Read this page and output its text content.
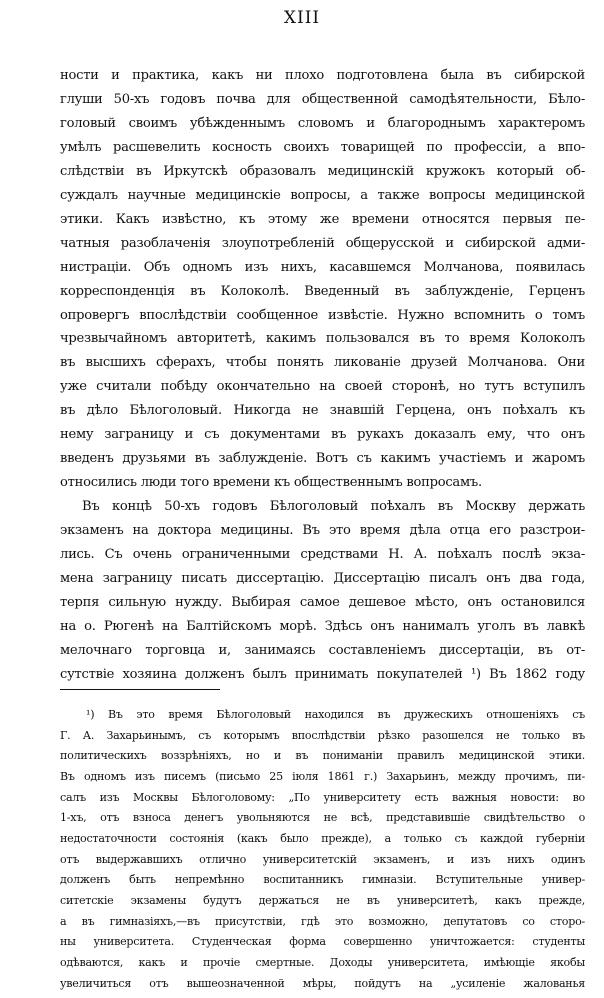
XIII
ности и практика, какъ ни плохо подготовлена была въ сибирской
глуши 50-хъ годовъ почва для общественной самодѣятельности, Бѣло-
головый своимъ убѣжденнымъ словомъ и благороднымъ характеромъ
умѣлъ расшевелить косность своихъ товарищей по профессіи, а впо-
слѣдствіи въ Иркутскѣ образовалъ медицинскій кружокъ который об-
суждалъ научные медицинскіе вопросы, а также вопросы медицинской
этики. Какъ извѣстно, къ этому же времени относятся первыя пе-
чатныя разоблаченія злоупотребленій общерусской и сибирской адми-
нистраціи. Объ одномъ изъ нихъ, касавшемся Молчанова, появилась
корреспонденція въ Колоколѣ. Введенный въ заблужденіе, Герценъ
опровергъ впослѣдствіи сообщенное извѣстіе. Нужно вспомнить о томъ
чрезвычайномъ авторитетѣ, какимъ пользовался въ то время Колоколъ
въ высшихъ сферахъ, чтобы понять ликованіе друзей Молчанова. Они
уже считали побѣду окончательно на своей сторонѣ, но тутъ вступилъ
въ дѣло Бѣлоголовый. Никогда не знавшій Герцена, онъ поѣхалъ къ
нему заграницу и съ документами въ рукахъ доказалъ ему, что онъ
введенъ друзьями въ заблужденіе. Вотъ съ какимъ участіемъ и жаромъ
относились люди того времени къ общественнымъ вопросамъ.
Въ концѣ 50-хъ годовъ Бѣлоголовый поѣхалъ въ Москву держать
экзаменъ на доктора медицины. Въ это время дѣла отца его разстрои-
лись. Съ очень ограниченными средствами Н. А. поѣхалъ послѣ экза-
мена заграницу писать диссертацію. Диссертацію писалъ онъ два года,
терпя сильную нужду. Выбирая самое дешевое мѣсто, онъ остановился
на о. Рюгенѣ на Балтійскомъ морѣ. Здѣсь онъ нанималъ уголъ въ лавкѣ
мелочнаго торговца и, занимаясь составленіемъ диссертаціи, въ от-
сутствіе хозяина долженъ былъ принимать покупателей ¹) Въ 1862 году
¹) Въ это время Бѣлоголовый находился въ дружескихъ отношеніяхъ съ
Г. А. Захарьинымъ, съ которымъ впослѣдствіи рѣзко разошелся не только въ
политическихъ воззрѣніяхъ, но и въ пониманіи правилъ медицинской этики.
Въ одномъ изъ писемъ (письмо 25 іюля 1861 г.) Захарьинъ, между прочимъ, пи-
салъ изъ Москвы Бѣлоголовому: „По университету есть важныя новости: во
1-хъ, отъ взноса денегъ увольняются не всѣ, представившіе свидѣтельство о
недостаточности состоянія (какъ было прежде), а только съ каждой губерніи
отъ выдержавшихъ отлично университетскій экзаменъ, и изъ нихъ одинъ
долженъ быть непремѣнно воспитанникъ гимназіи. Вступительные универ-
ситетскіе экзамены будутъ держаться не въ университетѣ, какъ прежде,
а въ гимназіяхъ,—въ присутствіи, гдѣ это возможно, депутатовъ со сторо-
ны университета. Студенческая форма совершенно уничтожается: студенты
одѣваются, какъ и прочіе смертные. Доходы университета, имѣющіе якобы
увеличиться отъ вышеозначенной мѣры, пойдутъ на „усиленіе жалованья
